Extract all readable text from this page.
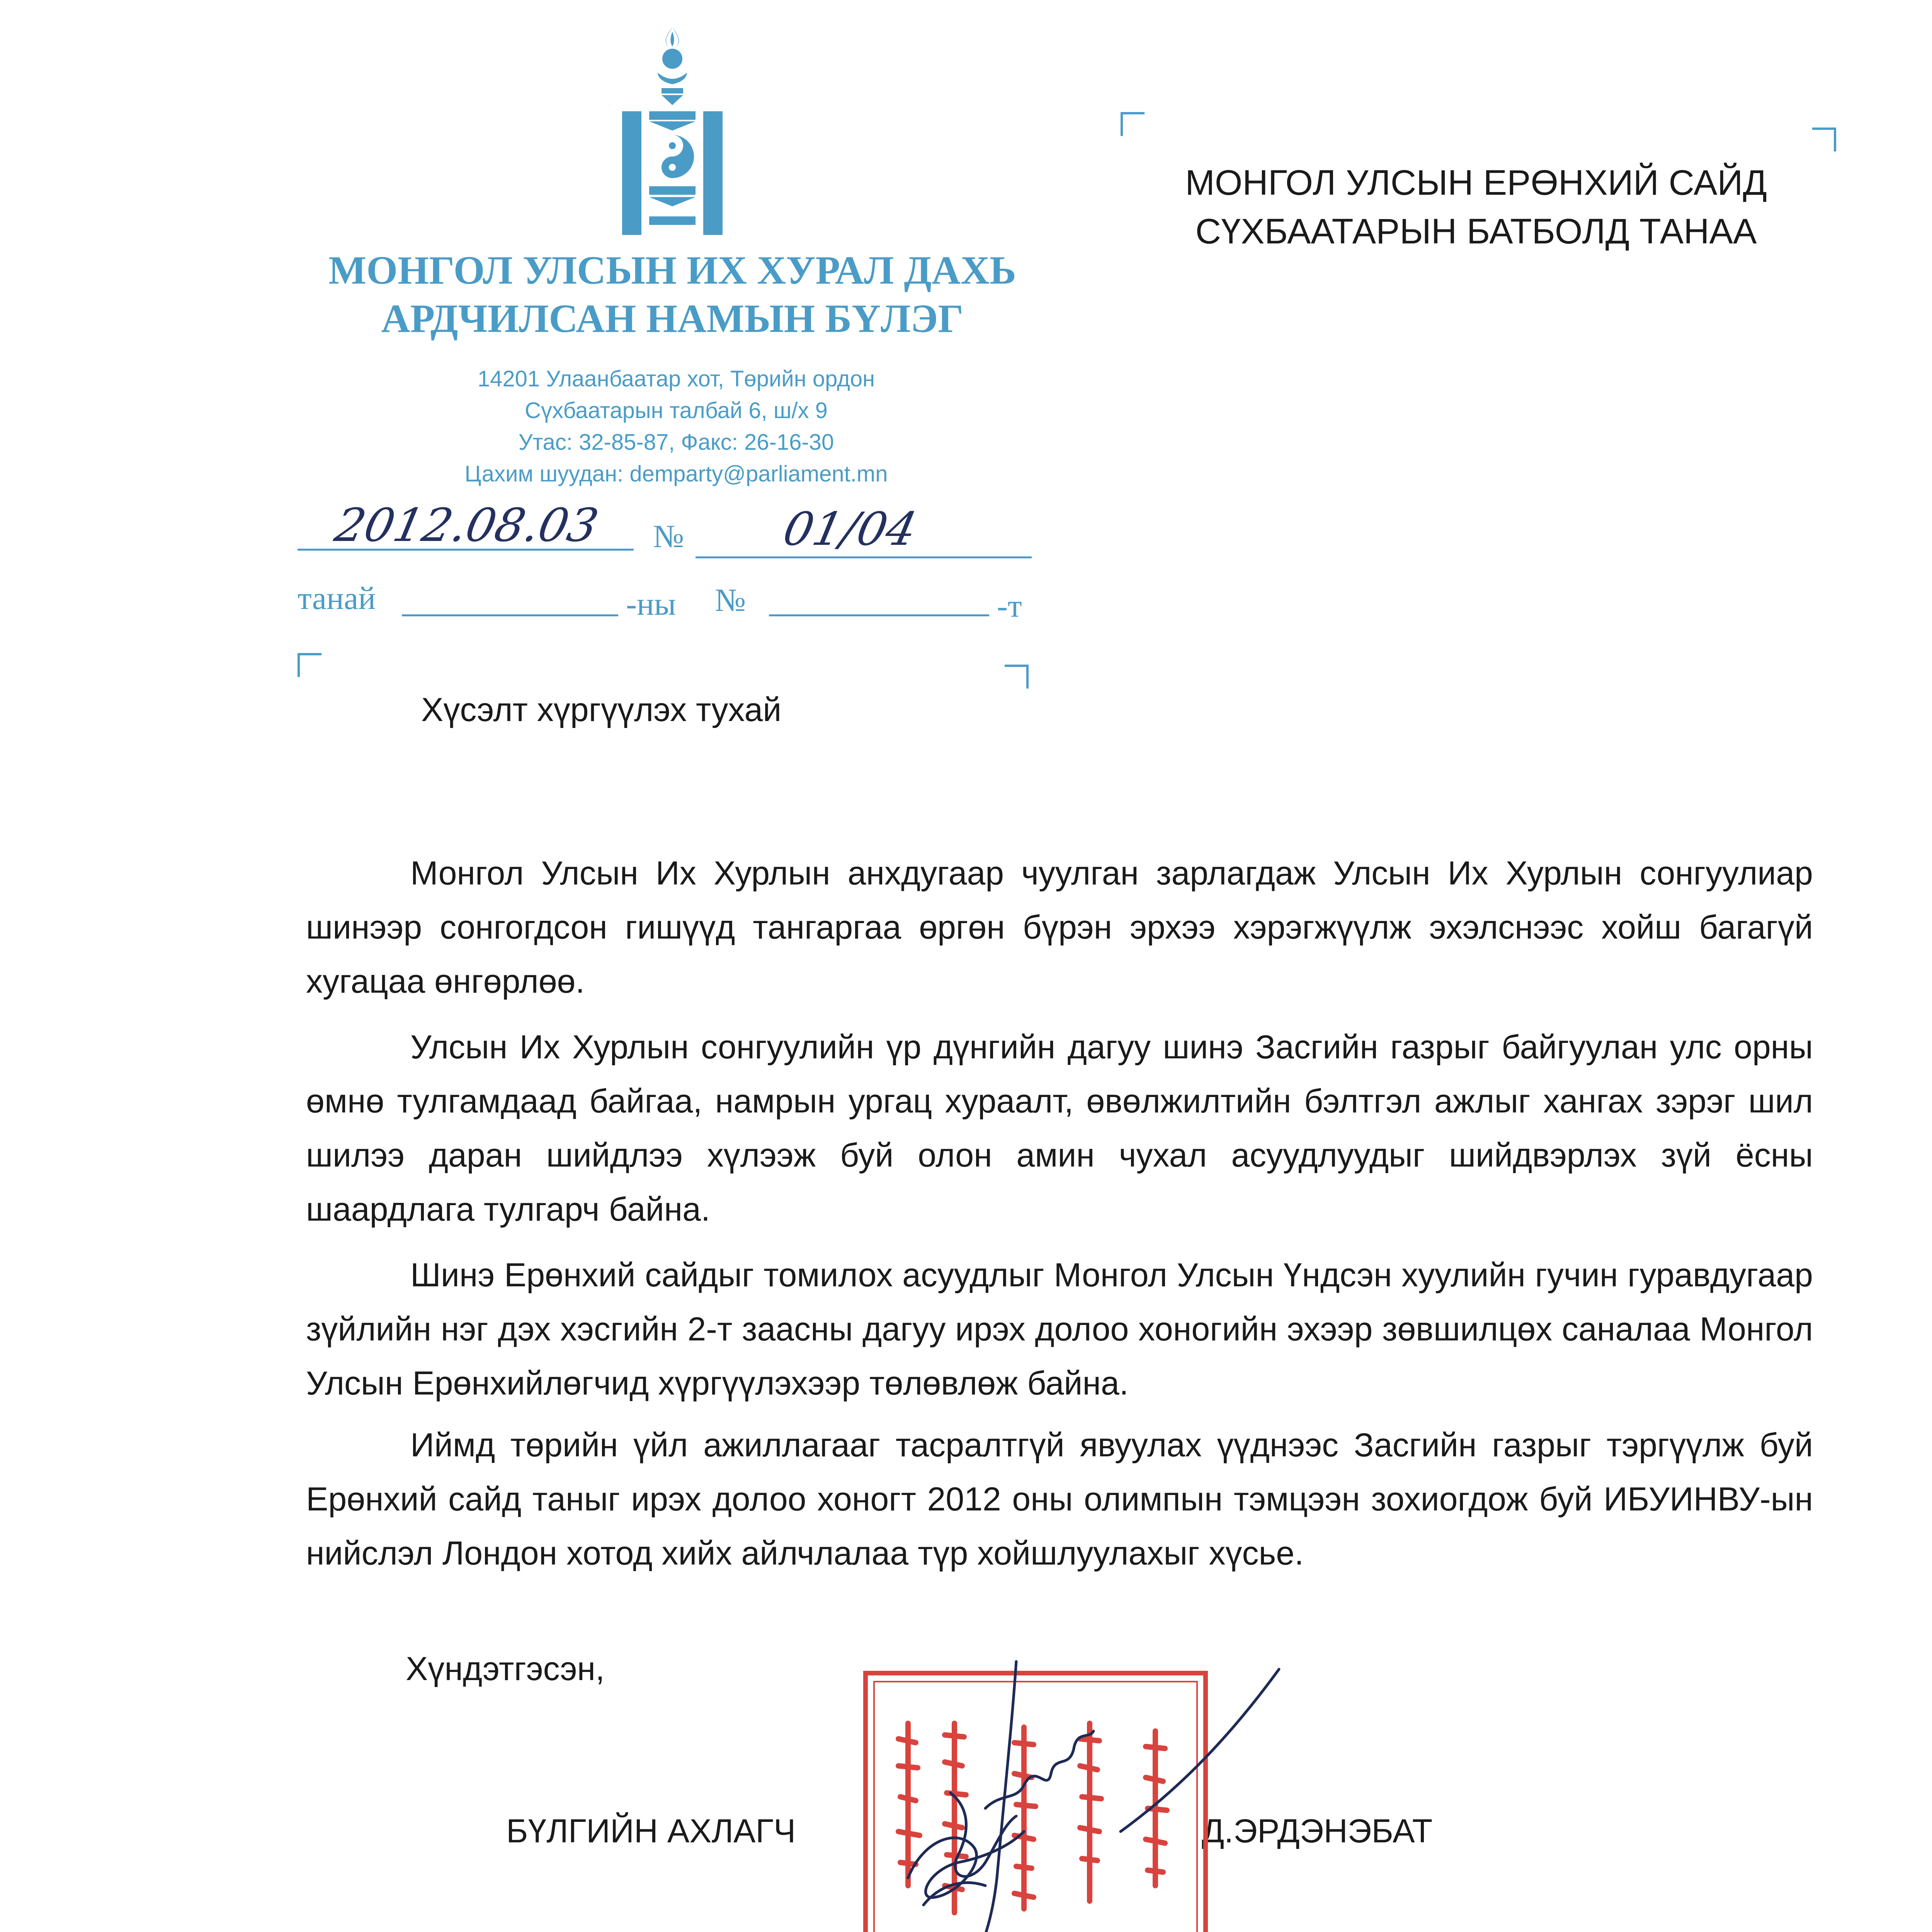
МОНГОЛ УЛСЫН ИХ ХУРАЛ ДАХЬ
АРДЧИЛСАН НАМЫН БҮЛЭГ
14201 Улаанбаатар хот, Төрийн ордон
Сүхбаатарын талбай 6, ш/х 9
Утас: 32-85-87, Факс: 26-16-30
Цахим шуудан: demparty@parliament.mn
2012.08.03 № 01/04
танай	-ны №	-т
МОНГОЛ УЛСЫН ЕРӨНХИЙ САЙД
СҮХБААТАРЫН БАТБОЛД ТАНАА
Хүсэлт хүргүүлэх тухай
Монгол Улсын Их Хурлын анхдугаар чуулган зарлагдаж Улсын Их Хурлын сонгуулиар шинээр сонгогдсон гишүүд тангаргаа өргөн бүрэн эрхээ хэрэгжүүлж эхэлснээс хойш багагүй хугацаа өнгөрлөө.
Улсын Их Хурлын сонгуулийн үр дүнгийн дагуу шинэ Засгийн газрыг байгуулан улс орны өмнө тулгамдаад байгаа, намрын ургац хураалт, өвөлжилтийн бэлтгэл ажлыг хангах зэрэг шил шилээ даран шийдлээ хүлээж буй олон амин чухал асуудлуудыг шийдвэрлэх зүй ёсны шаардлага тулгарч байна.
Шинэ Ерөнхий сайдыг томилох асуудлыг Монгол Улсын Үндсэн хуулийн гучин гуравдугаар зүйлийн нэг дэх хэсгийн 2-т заасны дагуу ирэх долоо хоногийн эхээр зөвшилцөх саналаа Монгол Улсын Ерөнхийлөгчид хүргүүлэхээр төлөвлөж байна.
Иймд төрийн үйл ажиллагааг тасралтгүй явуулах үүднээс Засгийн газрыг тэргүүлж буй Ерөнхий сайд таныг ирэх долоо хоногт 2012 оны олимпын тэмцээн зохиогдож буй ИБУИНВУ-ын нийслэл Лондон хотод хийх айлчлалаа түр хойшлуулахыг хүсье.
Хүндэтгэсэн,
БҮЛГИЙН АХЛАГЧ	Д.ЭРДЭНЭБАТ
